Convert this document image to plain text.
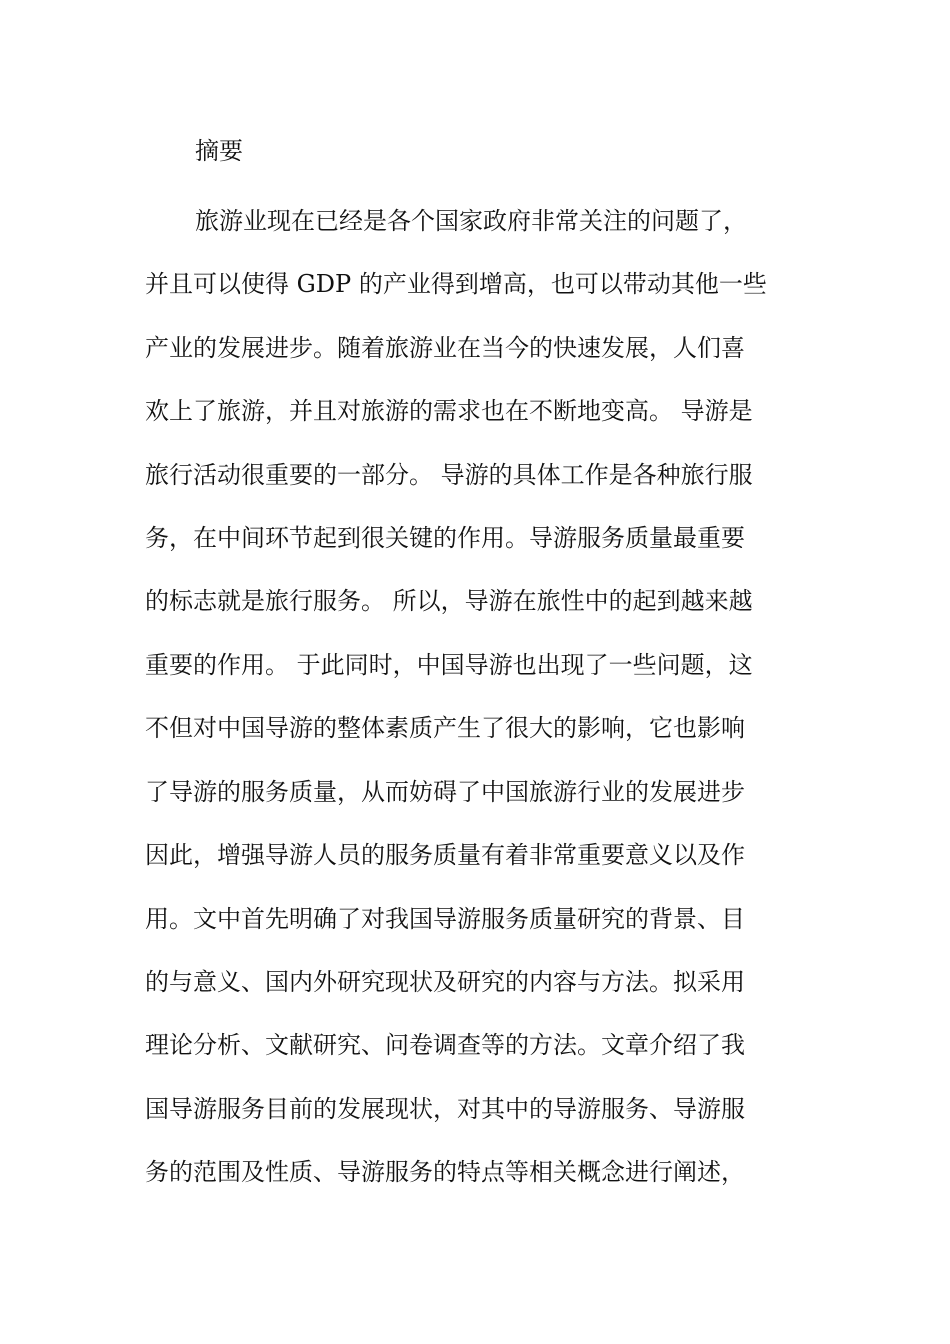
摘要
旅游业现在已经是各个国家政府非常关注的问题了，
并且可以使得 GDP 的产业得到增高，也可以带动其他一些
产业的发展进步。随着旅游业在当今的快速发展，人们喜
欢上了旅游，并且对旅游的需求也在不断地变高。 导游是
旅行活动很重要的一部分。 导游的具体工作是各种旅行服
务，在中间环节起到很关键的作用。导游服务质量最重要
的标志就是旅行服务。 所以，导游在旅性中的起到越来越
重要的作用。 于此同时，中国导游也出现了一些问题，这
不但对中国导游的整体素质产生了很大的影响，它也影响
了导游的服务质量，从而妨碍了中国旅游行业的发展进步
因此，增强导游人员的服务质量有着非常重要意义以及作
用。文中首先明确了对我国导游服务质量研究的背景、目
的与意义、国内外研究现状及研究的内容与方法。拟采用
理论分析、文献研究、问卷调查等的方法。文章介绍了我
国导游服务目前的发展现状，对其中的导游服务、导游服
务的范围及性质、导游服务的特点等相关概念进行阐述，
